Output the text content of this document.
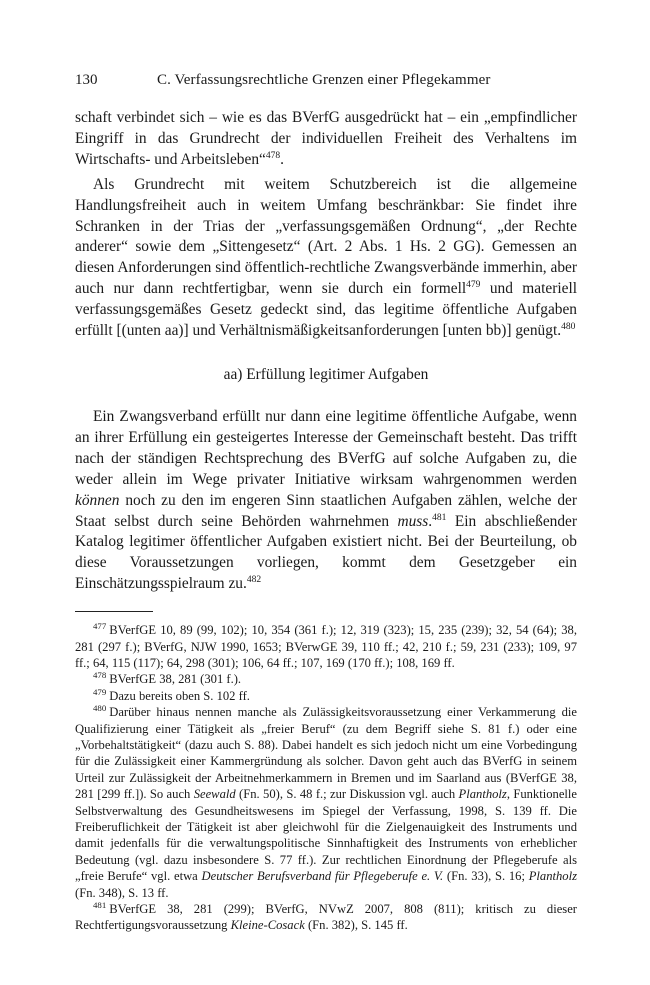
130	C. Verfassungsrechtliche Grenzen einer Pflegekammer

schaft verbindet sich – wie es das BVerfG ausgedrückt hat – ein „empfindlicher Eingriff in das Grundrecht der individuellen Freiheit des Verhaltens im Wirtschafts- und Arbeitsleben“$^{478}$.

Als Grundrecht mit weitem Schutzbereich ist die allgemeine Handlungsfreiheit auch in weitem Umfang beschränkbar: Sie findet ihre Schranken in der Trias der „verfassungsgemäßen Ordnung“, „der Rechte anderer“ sowie dem „Sittengesetz“ (Art. 2 Abs. 1 Hs. 2 GG). Gemessen an diesen Anforderungen sind öffentlich-rechtliche Zwangsverbände immerhin, aber auch nur dann rechtfertigbar, wenn sie durch ein formell$^{479}$ und materiell verfassungsgemäßes Gesetz gedeckt sind, das legitime öffentliche Aufgaben erfüllt [(unten aa)] und Verhältnismäßigkeitsanforderungen [unten bb)] genügt.$^{480}$

aa) Erfüllung legitimer Aufgaben

Ein Zwangsverband erfüllt nur dann eine legitime öffentliche Aufgabe, wenn an ihrer Erfüllung ein gesteigertes Interesse der Gemeinschaft besteht. Das trifft nach der ständigen Rechtsprechung des BVerfG auf solche Aufgaben zu, die weder allein im Wege privater Initiative wirksam wahrgenommen werden können noch zu den im engeren Sinn staatlichen Aufgaben zählen, welche der Staat selbst durch seine Behörden wahrnehmen muss.$^{481}$ Ein abschließender Katalog legitimer öffentlicher Aufgaben existiert nicht. Bei der Beurteilung, ob diese Voraussetzungen vorliegen, kommt dem Gesetzgeber ein Einschätzungsspielraum zu.$^{482}$

$^{477}$ BVerfGE 10, 89 (99, 102); 10, 354 (361 f.); 12, 319 (323); 15, 235 (239); 32, 54 (64); 38, 281 (297 f.); BVerfG, NJW 1990, 1653; BVerwGE 39, 110 ff.; 42, 210 f.; 59, 231 (233); 109, 97 ff.; 64, 115 (117); 64, 298 (301); 106, 64 ff.; 107, 169 (170 ff.); 108, 169 ff.

$^{478}$ BVerfGE 38, 281 (301 f.).

$^{479}$ Dazu bereits oben S. 102 ff.

$^{480}$ Darüber hinaus nennen manche als Zulässigkeitsvoraussetzung einer Verkammerung die Qualifizierung einer Tätigkeit als „freier Beruf“ (zu dem Begriff siehe S. 81 f.) oder eine „Vorbehaltstätigkeit“ (dazu auch S. 88). Dabei handelt es sich jedoch nicht um eine Vorbedingung für die Zulässigkeit einer Kammergründung als solcher. Davon geht auch das BVerfG in seinem Urteil zur Zulässigkeit der Arbeitnehmerkammern in Bremen und im Saarland aus (BVerfGE 38, 281 [299 ff.]). So auch Seewald (Fn. 50), S. 48 f.; zur Diskussion vgl. auch Plantholz, Funktionelle Selbstverwaltung des Gesundheitswesens im Spiegel der Verfassung, 1998, S. 139 ff. Die Freiberuflichkeit der Tätigkeit ist aber gleichwohl für die Zielgenauigkeit des Instruments und damit jedenfalls für die verwaltungspolitische Sinnhaftigkeit des Instruments von erheblicher Bedeutung (vgl. dazu insbesondere S. 77 ff.). Zur rechtlichen Einordnung der Pflegeberufe als „freie Berufe“ vgl. etwa Deutscher Berufsverband für Pflegeberufe e. V. (Fn. 33), S. 16; Plantholz (Fn. 348), S. 13 ff.

$^{481}$ BVerfGE 38, 281 (299); BVerfG, NVwZ 2007, 808 (811); kritisch zu dieser Rechtfertigungsvoraussetzung Kleine-Cosack (Fn. 382), S. 145 ff.
